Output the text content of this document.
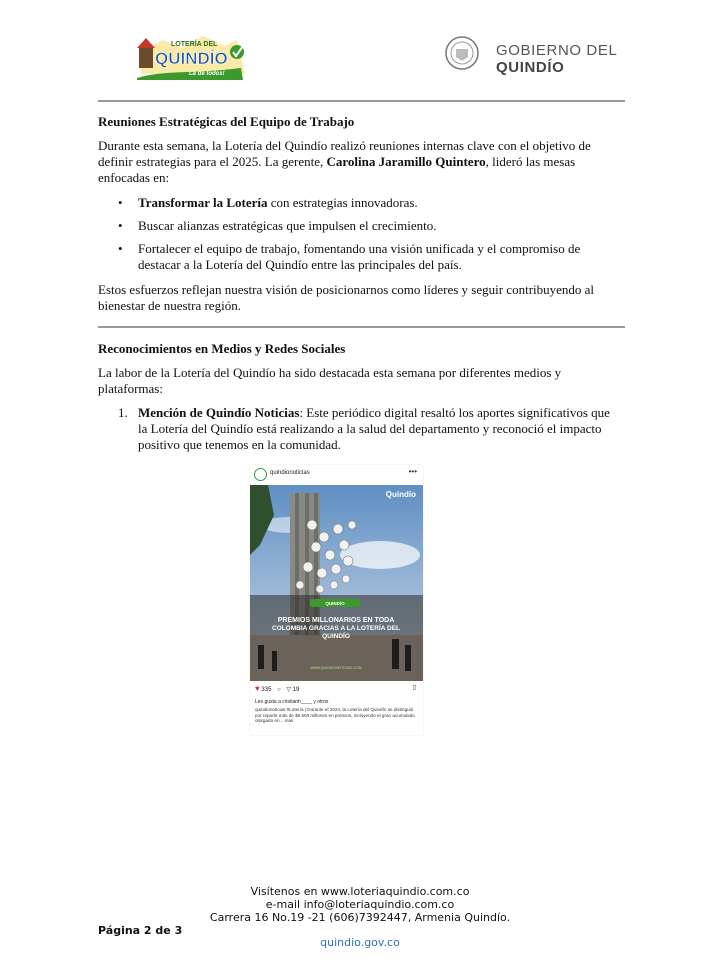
LOTERÍA DEL
QUINDÍO
La de todos!
GOBIERNO DEL QUINDÍO

Reuniones Estratégicas del Equipo de Trabajo

Durante esta semana, la Lotería del Quindío realizó reuniones internas clave con el objetivo de definir estrategias para el 2025. La gerente, Carolina Jaramillo Quintero, lideró las mesas enfocadas en:

• Transformar la Lotería con estrategias innovadoras.
• Buscar alianzas estratégicas que impulsen el crecimiento.
• Fortalecer el equipo de trabajo, fomentando una visión unificada y el compromiso de destacar a la Lotería del Quindío entre las principales del país.

Estos esfuerzos reflejan nuestra visión de posicionarnos como líderes y seguir contribuyendo al bienestar de nuestra región.

Reconocimientos en Medios y Redes Sociales

La labor de la Lotería del Quindío ha sido destacada esta semana por diferentes medios y plataformas:

1. Mención de Quindío Noticias: Este periódico digital resaltó los aportes significativos que la Lotería del Quindío está realizando a la salud del departamento y reconoció el impacto positivo que tenemos en la comunidad.
quindionoticias	•••
QUINDÍO
PREMIOS MILLONARIOS EN TODA
COLOMBIA GRACIAS A LA LOTERÍA DEL
QUINDÍO
WWW.QUINDIONOTICIAS.COM
Quindío
♥ 335 ○ ▽ 19	▯
Les gusta a cristianh____ y otros
quindionoticias #Lotería | Durante el 2024, la Lotería del Quindío se distinguió por repartir más de $6.500 millones en premios, incluyendo el gran acumulado otorgado en... más
Visítenos en www.loteriaquindio.com.co
e-mail info@loteriaquindio.com.co
Carrera 16 No.19 -21 (606)7392447, Armenia Quindío.
Página 2 de 3
quindio.gov.co
